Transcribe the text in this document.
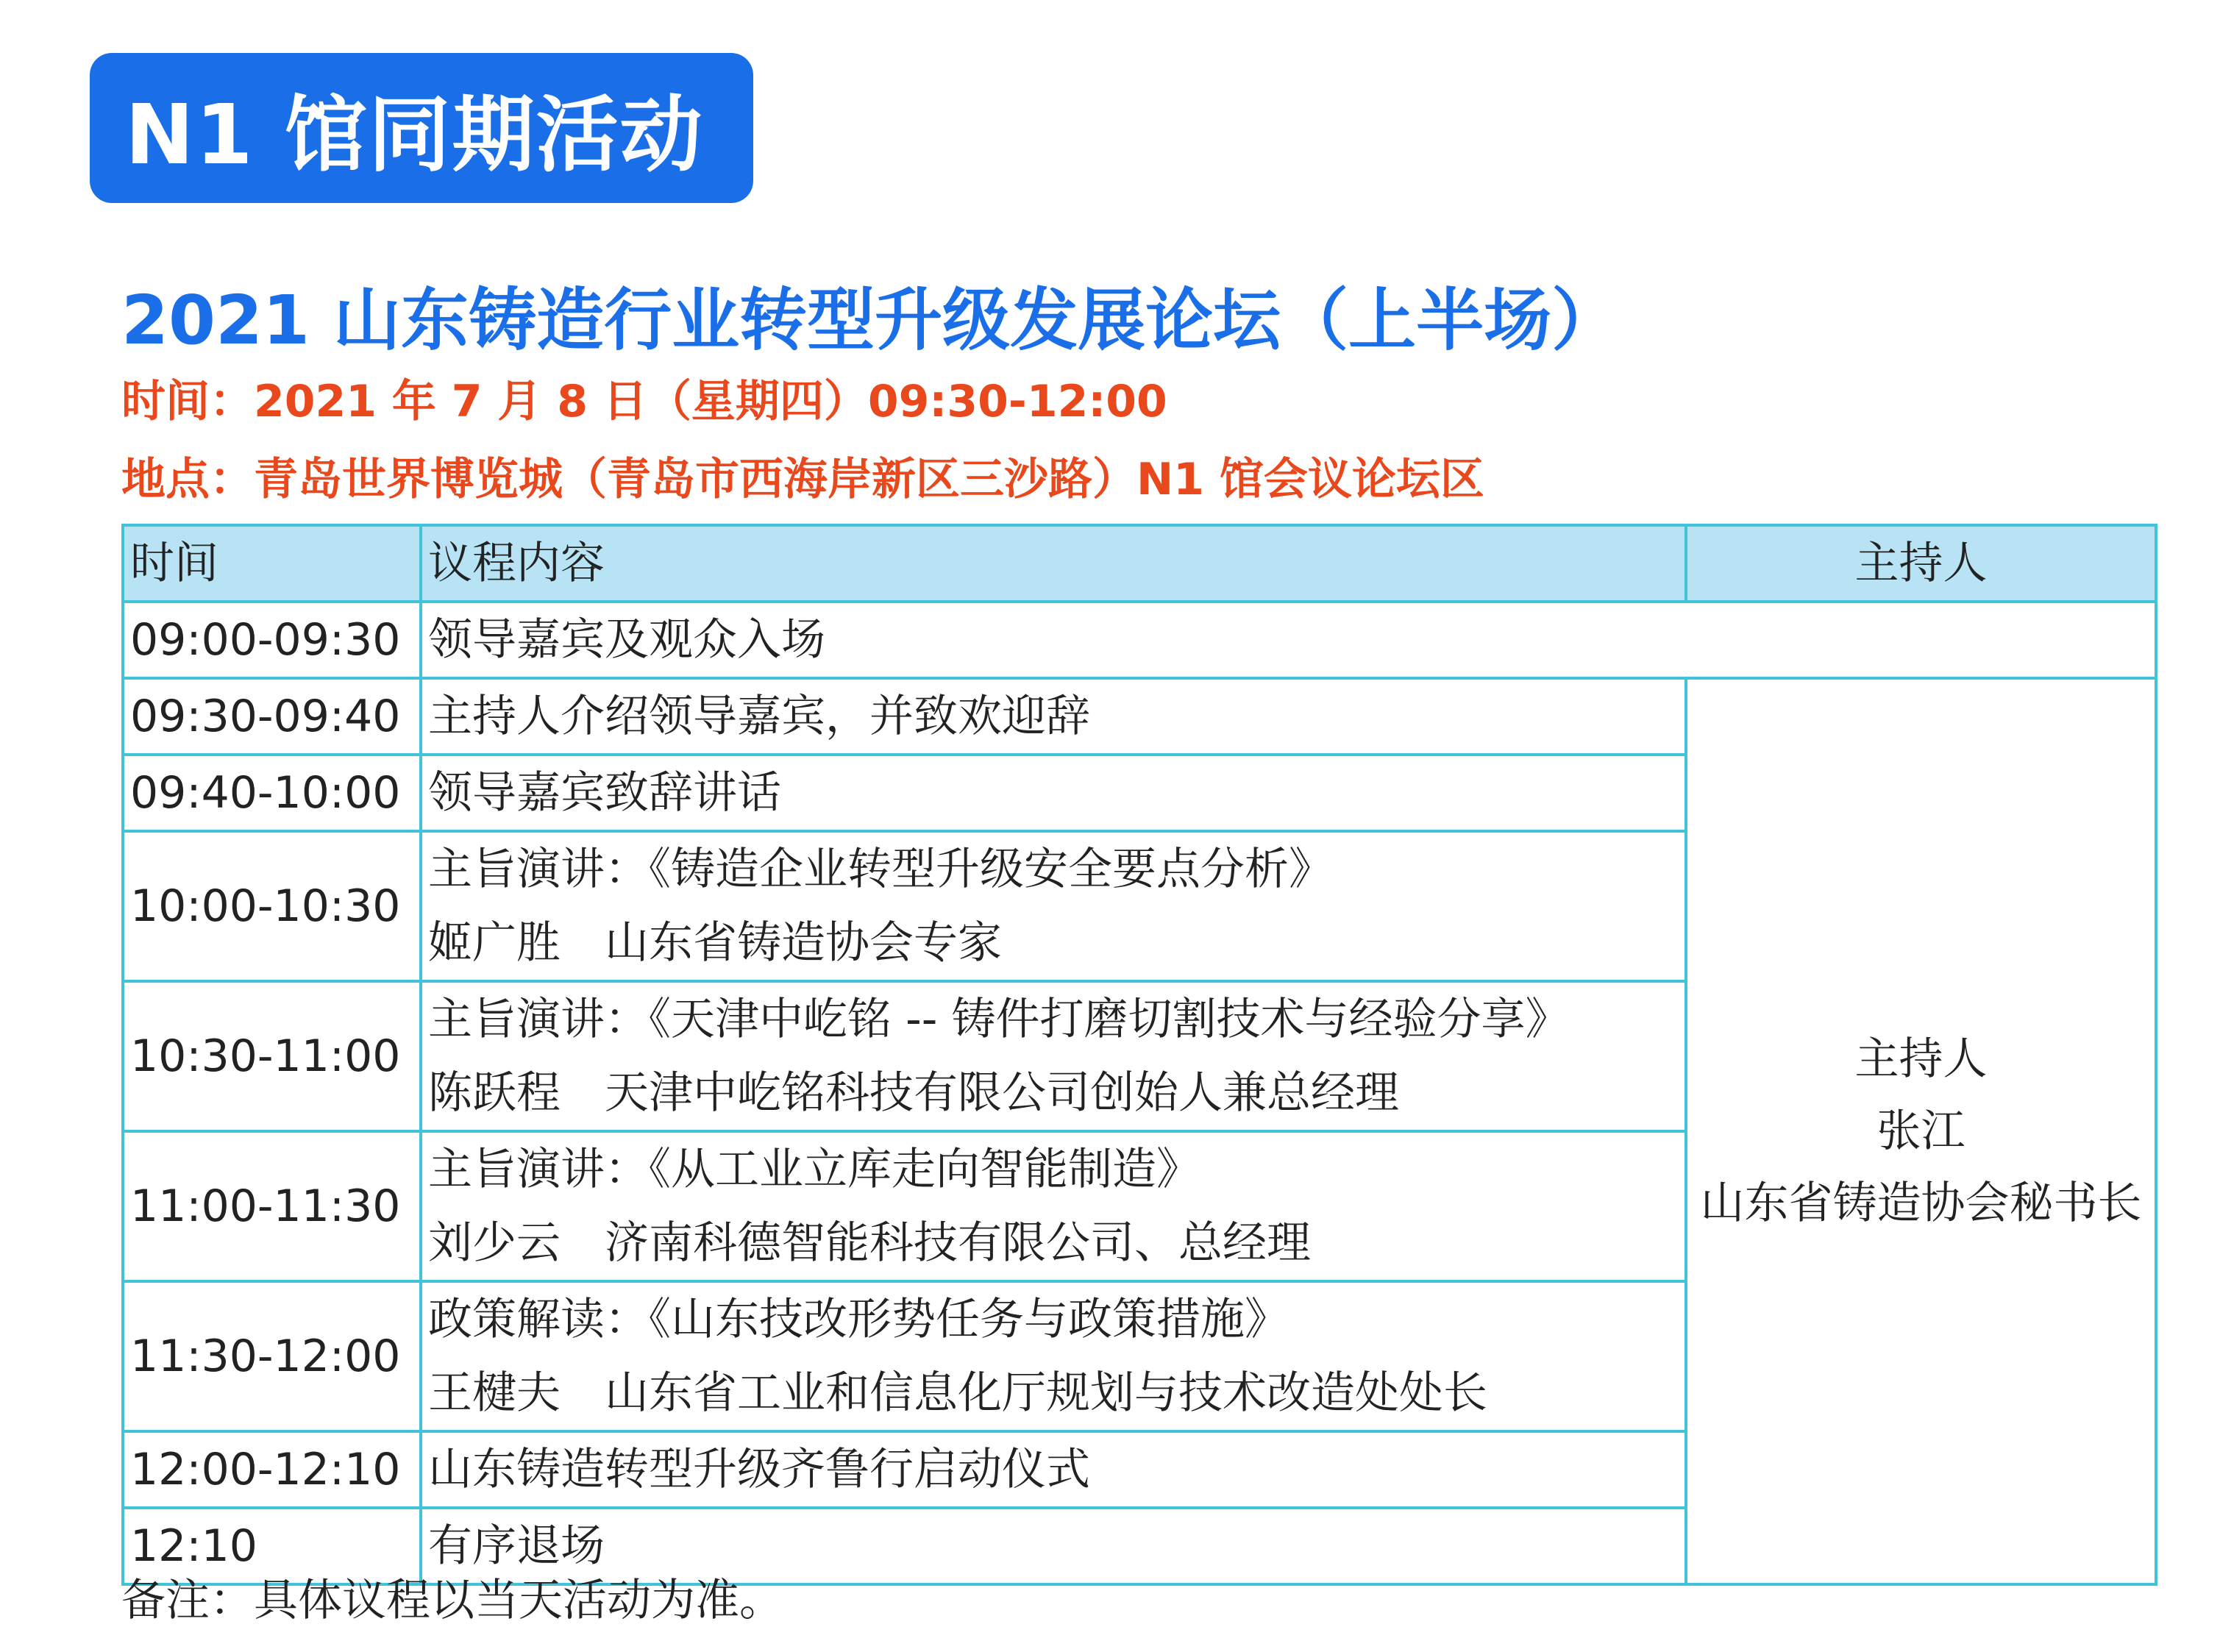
N1 馆同期活动
2021 山东铸造行业转型升级发展论坛（上半场）
时间：2021 年 7 月 8 日（星期四）09:30-12:00
地点：青岛世界博览城（青岛市西海岸新区三沙路）N1 馆会议论坛区
时间	议程内容	主持人
09:00-09:30	领导嘉宾及观众入场	
09:30-09:40	主持人介绍领导嘉宾，并致欢迎辞	主持人
张江
山东省铸造协会秘书长

09:40-10:00	领导嘉宾致辞讲话	
10:00-10:30	主旨演讲：《铸造企业转型升级安全要点分析》
姬广胜　山东省铸造协会专家	

10:30-11:00	主旨演讲：《天津中屹铭 -- 铸件打磨切割技术与经验分享》
陈跃程　天津中屹铭科技有限公司创始人兼总经理	

11:00-11:30	主旨演讲：《从工业立库走向智能制造》
刘少云　济南科德智能科技有限公司、总经理	

11:30-12:00	政策解读：《山东技改形势任务与政策措施》
王楗夫　山东省工业和信息化厅规划与技术改造处处长	

12:00-12:10	山东铸造转型升级齐鲁行启动仪式	
12:10	有序退场	
备注：具体议程以当天活动为准。
